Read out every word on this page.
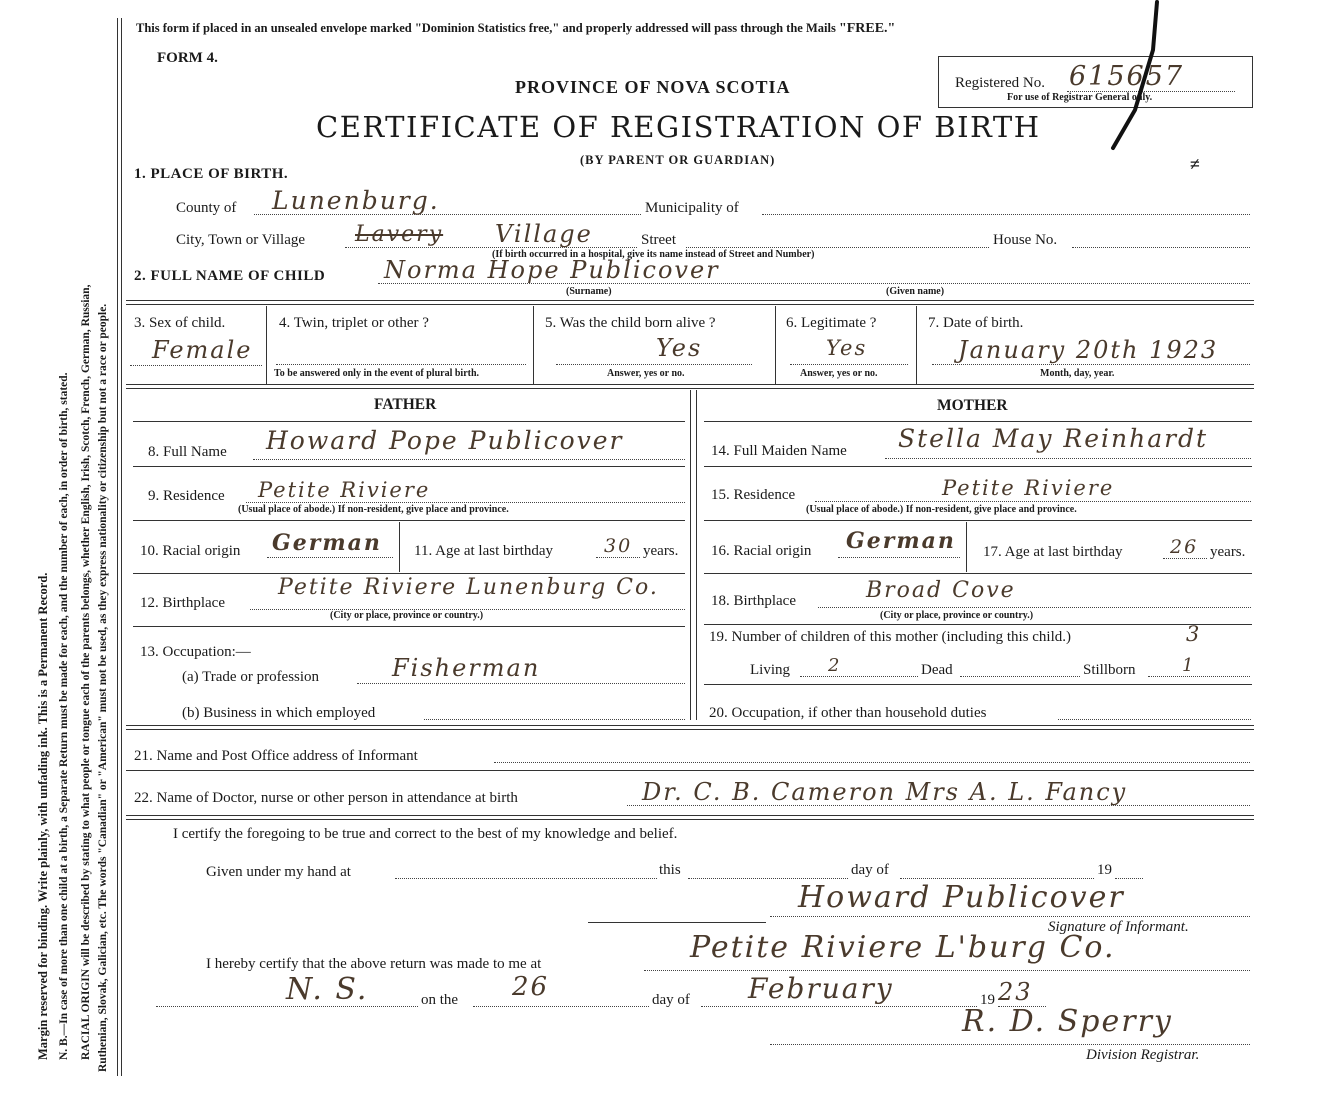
Margin reserved for binding. Write plainly, with unfading ink. This is a Permanent Record. N. B.—In case of more than one child at a birth, a Separate Return must be made for each, and the number of each, in order of birth, stated. RACIAL ORIGIN will be described by stating to what people or tongue each of the parents belongs, whether English, Irish, Scotch, French, German, Russian, Ruthenian, Slovak, Galician, etc. The words "Canadian" or "American" must not be used, as they express nationality or citizenship but not a race or people.
This form if placed in an unsealed envelope marked "Dominion Statistics free," and properly addressed will pass through the Mails "FREE."
FORM 4.
PROVINCE OF NOVA SCOTIA
CERTIFICATE OF REGISTRATION OF BIRTH
(BY PARENT OR GUARDIAN)
Registered No. 615657
For use of Registrar General only.
≠
1. PLACE OF BIRTH.
County of Lunenburg.	Municipality of
City, Town or Village Lavery Village	Street	House No.
(If birth occurred in a hospital, give its name instead of Street and Number)
2. FULL NAME OF CHILD Norma Hope Publicover
(Surname)	(Given name)
3. Sex of child.
Female
4. Twin, triplet or other ?
To be answered only in the event of plural birth.
5. Was the child born alive ?
Yes
Answer, yes or no.
6. Legitimate ?
Yes
Answer, yes or no.
7. Date of birth.
January 20th 1923
Month, day, year.
FATHER	MOTHER
8. Full Name Howard Pope Publicover
9. Residence Petite Riviere
(Usual place of abode.) If non-resident, give place and province.
10. Racial origin German 11. Age at last birthday	30 years.
12. Birthplace
Petite Riviere Lunenburg Co.
(City or place, province or country.)
13. Occupation:—
(a) Trade or profession	Fisherman
(b) Business in which employed
14. Full Maiden Name Stella May Reinhardt
15. Residence	Petite Riviere
(Usual place of abode.) If non-resident, give place and province.
16. Racial origin German 17. Age at last birthday 26 years.
18. Birthplace	Broad Cove
(City or place, province or country.)
19. Number of children of this mother (including this child.)	3
Living 2	Dead	Stillborn	1
20. Occupation, if other than household duties
21. Name and Post Office address of Informant
22. Name of Doctor, nurse or other person in attendance at birth	Dr. C. B. Cameron Mrs A. L. Fancy
I certify the foregoing to be true and correct to the best of my knowledge and belief.
Given under my hand at	this	day of	19
Howard Publicover
Signature of Informant.
I hereby certify that the above return was made to me at	Petite Riviere L'burg Co.
N. S.	on the 26	day of February	19 23
R. D. Sperry
Division Registrar.
